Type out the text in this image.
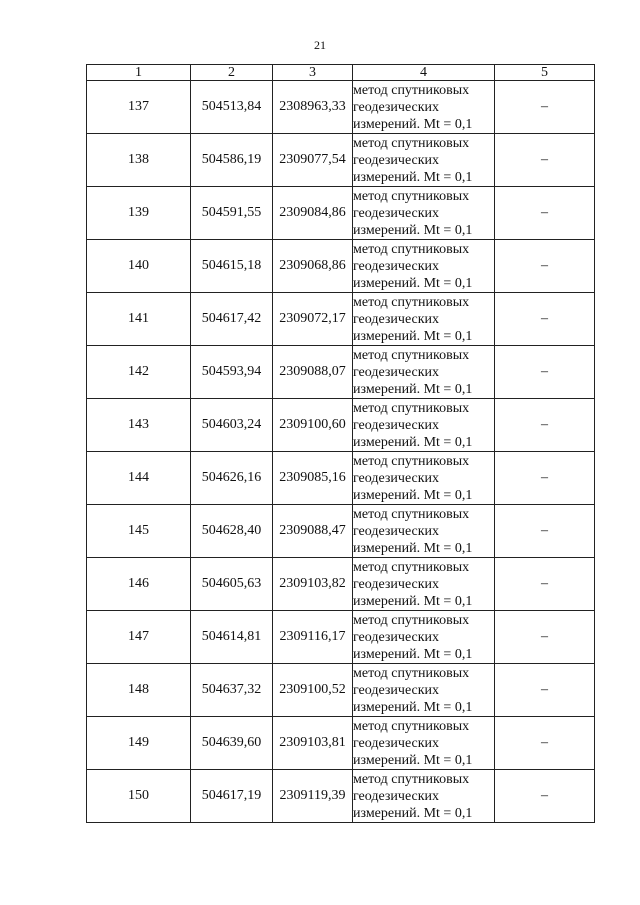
21
1	2	3	4	5
137	504513,84	2308963,33	метод спутниковых
геодезических
измерений. Mt = 0,1	–
138	504586,19	2309077,54	метод спутниковых
геодезических
измерений. Mt = 0,1	–
139	504591,55	2309084,86	метод спутниковых
геодезических
измерений. Mt = 0,1	–
140	504615,18	2309068,86	метод спутниковых
геодезических
измерений. Mt = 0,1	–
141	504617,42	2309072,17	метод спутниковых
геодезических
измерений. Mt = 0,1	–
142	504593,94	2309088,07	метод спутниковых
геодезических
измерений. Mt = 0,1	–
143	504603,24	2309100,60	метод спутниковых
геодезических
измерений. Mt = 0,1	–
144	504626,16	2309085,16	метод спутниковых
геодезических
измерений. Mt = 0,1	–
145	504628,40	2309088,47	метод спутниковых
геодезических
измерений. Mt = 0,1	–
146	504605,63	2309103,82	метод спутниковых
геодезических
измерений. Mt = 0,1	–
147	504614,81	2309116,17	метод спутниковых
геодезических
измерений. Mt = 0,1	–
148	504637,32	2309100,52	метод спутниковых
геодезических
измерений. Mt = 0,1	–
149	504639,60	2309103,81	метод спутниковых
геодезических
измерений. Mt = 0,1	–
150	504617,19	2309119,39	метод спутниковых
геодезических
измерений. Mt = 0,1	–
